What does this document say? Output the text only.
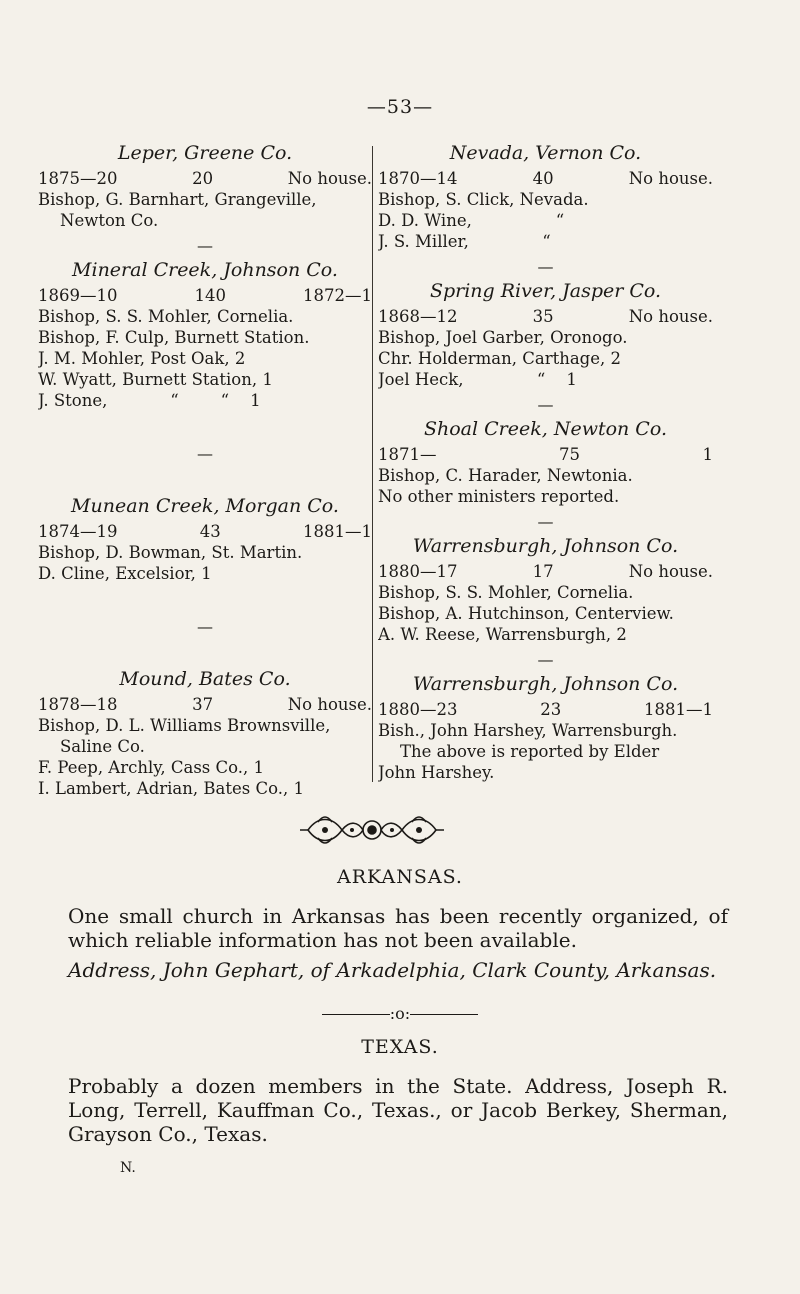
—53—
Leper, Greene Co.
1875—20	20	No house.
Bishop, G. Barnhart, Grangeville,
Newton Co.
—
Mineral Creek, Johnson Co.
1869—10	140	1872—1
Bishop, S. S. Mohler, Cornelia.
Bishop, F. Culp, Burnett Station.
J. M. Mohler, Post Oak, 2
W. Wyatt, Burnett Station, 1
J. Stone,            “        “    1
—
Munean Creek, Morgan Co.
1874—19	43	1881—1
Bishop, D. Bowman, St. Martin.
D. Cline, Excelsior, 1
—
Mound, Bates Co.
1878—18	37	No house.
Bishop, D. L. Williams Brownsville,
Saline Co.
F. Peep, Archly, Cass Co., 1
I. Lambert, Adrian, Bates Co., 1
Nevada, Vernon Co.
1870—14	40	No house.
Bishop, S. Click, Nevada.
D. D. Wine,                “
J. S. Miller,              “
—
Spring River, Jasper Co.
1868—12	35	No house.
Bishop, Joel Garber, Oronogo.
Chr. Holderman, Carthage, 2
Joel Heck,              “    1
—
Shoal Creek, Newton Co.
1871—	75	1
Bishop, C. Harader, Newtonia.
No other ministers reported.
—
Warrensburgh, Johnson Co.
1880—17	17	No house.
Bishop, S. S. Mohler, Cornelia.
Bishop, A. Hutchinson, Centerview.
A. W. Reese, Warrensburgh, 2
—
Warrensburgh, Johnson Co.
1880—23	23	1881—1
Bish., John Harshey, Warrensburgh.
The above is reported by Elder
John Harshey.
ARKANSAS.
One small church in Arkansas has been recently organized, of which reliable information has not been available.
Address, John Gephart, of Arkadelphia, Clark County, Arkansas.
:o:
TEXAS.
Probably a dozen members in the State. Address, Joseph R. Long, Terrell, Kauffman Co., Texas., or Jacob Berkey, Sherman, Grayson Co., Texas.
N.
